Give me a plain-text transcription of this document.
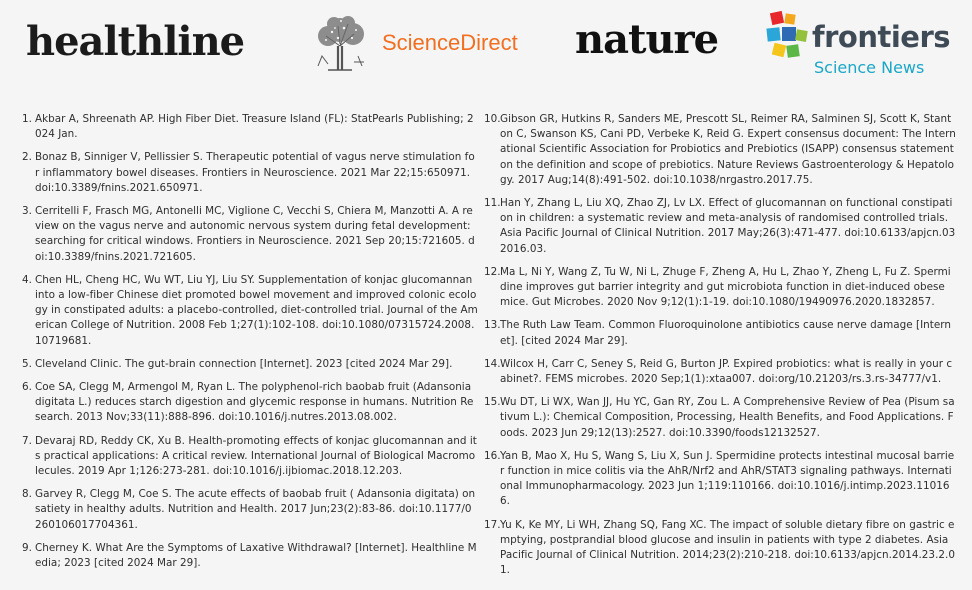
healthline	ScienceDirect nature	frontiers
Science News
1. Akbar A, Shreenath AP. High Fiber Diet. Treasure Island (FL): StatPearls Publishing; 2024 Jan.
2. Bonaz B, Sinniger V, Pellissier S. Therapeutic potential of vagus nerve stimulation for inflammatory bowel diseases. Frontiers in Neuroscience. 2021 Mar 22;15:650971. doi:10.3389/fnins.2021.650971.
3. Cerritelli F, Frasch MG, Antonelli MC, Viglione C, Vecchi S, Chiera M, Manzotti A. A review on the vagus nerve and autonomic nervous system during fetal development: searching for critical windows. Frontiers in Neuroscience. 2021 Sep 20;15:721605. doi:10.3389/fnins.2021.721605.
4. Chen HL, Cheng HC, Wu WT, Liu YJ, Liu SY. Supplementation of konjac glucomannan into a low-fiber Chinese diet promoted bowel movement and improved colonic ecology in constipated adults: a placebo-controlled, diet-controlled trial. Journal of the American College of Nutrition. 2008 Feb 1;27(1):102-108. doi:10.1080/07315724.2008.10719681.
5. Cleveland Clinic. The gut-brain connection [Internet]. 2023 [cited 2024 Mar 29].
6. Coe SA, Clegg M, Armengol M, Ryan L. The polyphenol-rich baobab fruit (Adansonia digitata L.) reduces starch digestion and glycemic response in humans. Nutrition Research. 2013 Nov;33(11):888-896. doi:10.1016/j.nutres.2013.08.002.
7. Devaraj RD, Reddy CK, Xu B. Health-promoting effects of konjac glucomannan and its practical applications: A critical review. International Journal of Biological Macromolecules. 2019 Apr 1;126:273-281. doi:10.1016/j.ijbiomac.2018.12.203.
8. Garvey R, Clegg M, Coe S. The acute effects of baobab fruit ( Adansonia digitata) on satiety in healthy adults. Nutrition and Health. 2017 Jun;23(2):83-86. doi:10.1177/0260106017704361.
9. Cherney K. What Are the Symptoms of Laxative Withdrawal? [Internet]. Healthline Media; 2023 [cited 2024 Mar 29].
10. Gibson GR, Hutkins R, Sanders ME, Prescott SL, Reimer RA, Salminen SJ, Scott K, Stanton C, Swanson KS, Cani PD, Verbeke K, Reid G. Expert consensus document: The International Scientific Association for Probiotics and Prebiotics (ISAPP) consensus statement on the definition and scope of prebiotics. Nature Reviews Gastroenterology & Hepatology. 2017 Aug;14(8):491-502. doi:10.1038/nrgastro.2017.75.
11. Han Y, Zhang L, Liu XQ, Zhao ZJ, Lv LX. Effect of glucomannan on functional constipation in children: a systematic review and meta-analysis of randomised controlled trials. Asia Pacific Journal of Clinical Nutrition. 2017 May;26(3):471-477. doi:10.6133/apjcn.032016.03.
12. Ma L, Ni Y, Wang Z, Tu W, Ni L, Zhuge F, Zheng A, Hu L, Zhao Y, Zheng L, Fu Z. Spermidine improves gut barrier integrity and gut microbiota function in diet-induced obese mice. Gut Microbes. 2020 Nov 9;12(1):1-19. doi:10.1080/19490976.2020.1832857.
13. The Ruth Law Team. Common Fluoroquinolone antibiotics cause nerve damage [Internet]. [cited 2024 Mar 29].
14. Wilcox H, Carr C, Seney S, Reid G, Burton JP. Expired probiotics: what is really in your cabinet?. FEMS microbes. 2020 Sep;1(1):xtaa007. doi:org/10.21203/rs.3.rs-34777/v1.
15. Wu DT, Li WX, Wan JJ, Hu YC, Gan RY, Zou L. A Comprehensive Review of Pea (Pisum sativum L.): Chemical Composition, Processing, Health Benefits, and Food Applications. Foods. 2023 Jun 29;12(13):2527. doi:10.3390/foods12132527.
16. Yan B, Mao X, Hu S, Wang S, Liu X, Sun J. Spermidine protects intestinal mucosal barrier function in mice colitis via the AhR/Nrf2 and AhR/STAT3 signaling pathways. International Immunopharmacology. 2023 Jun 1;119:110166. doi:10.1016/j.intimp.2023.110166.
17. Yu K, Ke MY, Li WH, Zhang SQ, Fang XC. The impact of soluble dietary fibre on gastric emptying, postprandial blood glucose and insulin in patients with type 2 diabetes. Asia Pacific Journal of Clinical Nutrition. 2014;23(2):210-218. doi:10.6133/apjcn.2014.23.2.01.
